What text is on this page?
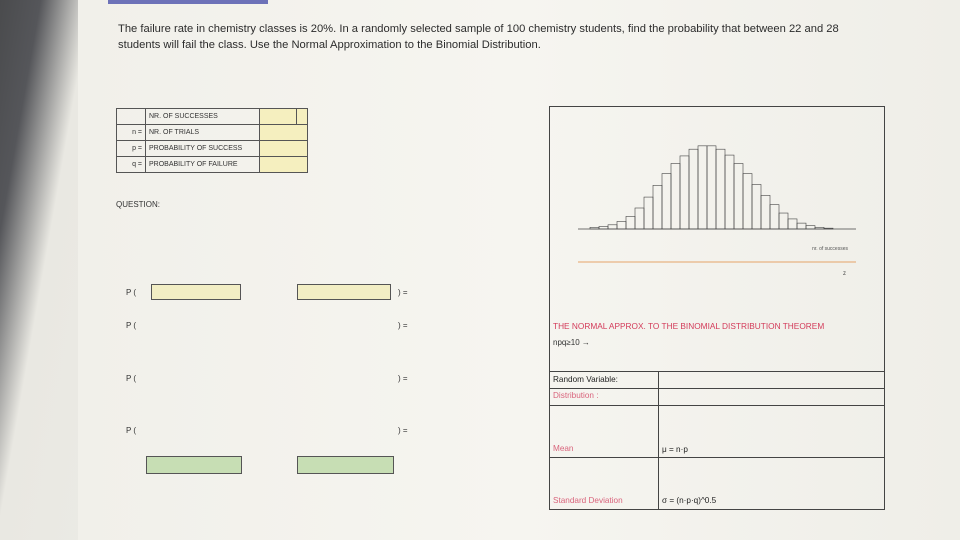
The failure rate in chemistry classes is 20%. In a randomly selected sample of 100 chemistry students, find the probability that between 22 and 28 students will fail the class. Use the Normal Approximation to the Binomial Distribution.

	NR. OF SUCCESSES		
n =	NR. OF TRIALS		
p =	PROBABILITY OF SUCCESS		
q =	PROBABILITY OF FAILURE		
QUESTION:
P (	) =
P (	) =
P (	) =
P (	) =
nr. of successes
z
THE NORMAL APPROX. TO THE BINOMIAL DISTRIBUTION THEOREM
npq≥10 →
Random Variable:
Distribution :
Mean	μ = n·p
Standard Deviation	σ = (n·p·q)^0.5
